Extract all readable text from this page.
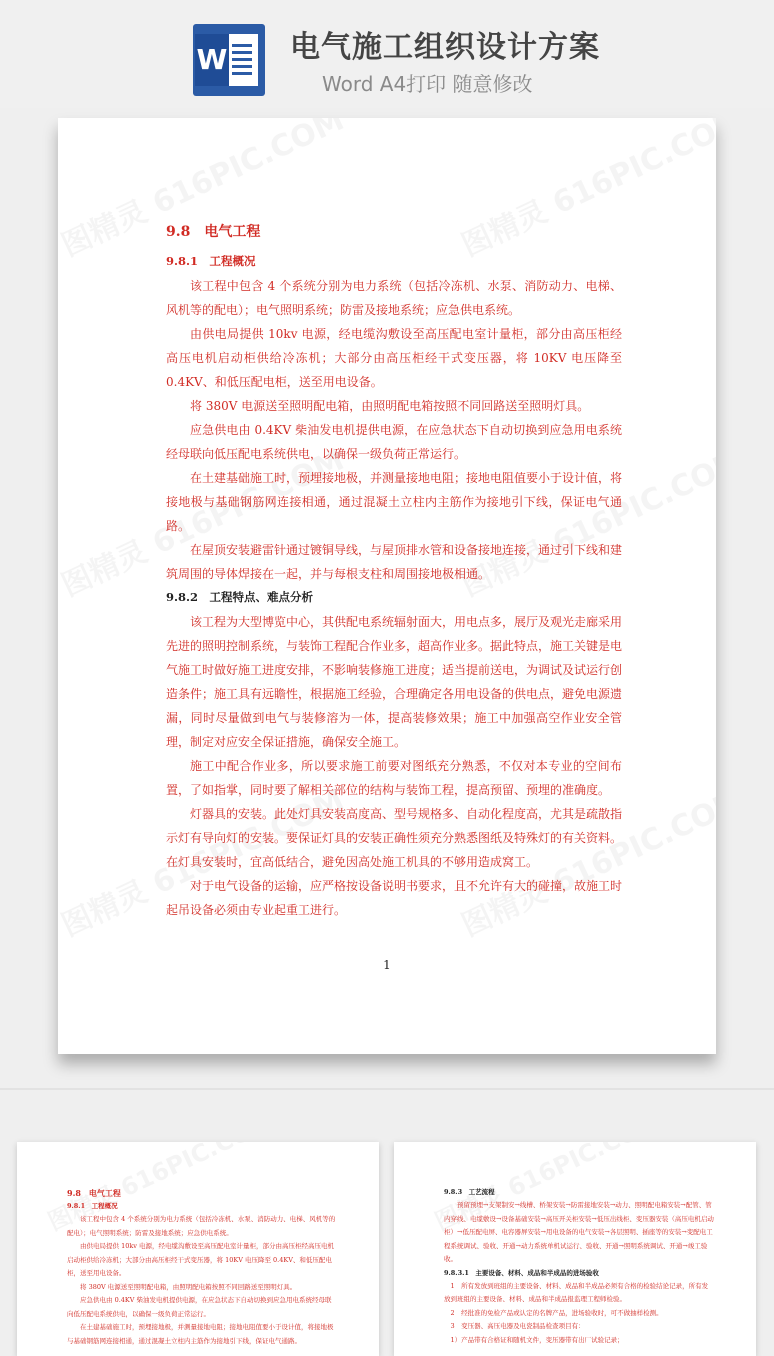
W 电气施工组织设计方案
Word A4打印 随意修改
9.8　电气工程
9.8.1　工程概况
该工程中包含 4 个系统分别为电力系统（包括冷冻机、水泵、消防动力、电梯、风机等的配电）；电气照明系统；防雷及接地系统；应急供电系统。
由供电局提供 10kv 电源，经电缆沟敷设至高压配电室计量柜，部分由高压柜经高压电机启动柜供给冷冻机；大部分由高压柜经干式变压器，将 10KV 电压降至 0.4KV、和低压配电柜，送至用电设备。
将 380V 电源送至照明配电箱，由照明配电箱按照不同回路送至照明灯具。
应急供电由 0.4KV 柴油发电机提供电源，在应急状态下自动切换到应急用电系统经母联向低压配电系统供电，以确保一级负荷正常运行。
在土建基础施工时，预埋接地极，并测量接地电阻；接地电阻值要小于设计值，将接地极与基础钢筋网连接相通，通过混凝土立柱内主筋作为接地引下线，保证电气通路。
在屋顶安装避雷针通过镀铜导线，与屋顶排水管和设备接地连接，通过引下线和建筑周围的导体焊接在一起，并与每根支柱和周围接地极相通。
9.8.2　工程特点、难点分析
该工程为大型博览中心，其供配电系统辐射面大，用电点多，展厅及观光走廊采用先进的照明控制系统，与装饰工程配合作业多，超高作业多。据此特点，施工关键是电气施工时做好施工进度安排，不影响装修施工进度；适当提前送电，为调试及试运行创造条件；施工具有远瞻性，根据施工经验，合理确定各用电设备的供电点，避免电源遗漏，同时尽量做到电气与装修溶为一体，提高装修效果；施工中加强高空作业安全管理，制定对应安全保证措施，确保安全施工。
施工中配合作业多，所以要求施工前要对图纸充分熟悉，不仅对本专业的空间布置，了如指掌，同时要了解相关部位的结构与装饰工程，提高预留、预埋的准确度。
灯器具的安装。此处灯具安装高度高、型号规格多、自动化程度高，尤其是疏散指示灯有导向灯的安装。要保证灯具的安装正确性须充分熟悉图纸及特殊灯的有关资料。在灯具安装时，宜高低结合，避免因高处施工机具的不够用造成窝工。
对于电气设备的运输，应严格按设备说明书要求，且不允许有大的碰撞，故施工时起吊设备必须由专业起重工进行。
1
9.8　电气工程
9.8.1　工程概况
该工程中包含 4 个系统分别为电力系统（包括冷冻机、水泵、消防动力、电梯、风机等的配电）；电气照明系统；防雷及接地系统；应急供电系统。
由供电局提供 10kv 电源，经电缆沟敷设至高压配电室计量柜，部分由高压柜经高压电机启动柜供给冷冻机；大部分由高压柜经干式变压器，将 10KV 电压降至 0.4KV、和低压配电柜，送至用电设备。
将 380V 电源送至照明配电箱，由照明配电箱按照不同回路送至照明灯具。
应急供电由 0.4KV 柴油发电机提供电源，在应急状态下自动切换到应急用电系统经母联向低压配电系统供电，以确保一级负荷正常运行。
在土建基础施工时，预埋接地极，并测量接地电阻；接地电阻值要小于设计值，将接地极与基础钢筋网连接相通，通过混凝土立柱内主筋作为接地引下线，保证电气通路。
9.8.3　工艺流程
预留预埋→支架制安→线槽、桥架安装→防雷接地安装→动力、照明配电箱安装→配管、管内穿线、电缆敷设→设备基础安装→高压开关柜安装→低压出线柜、变压器安装（高压电机启动柜）→低压配电屏、电容器屏安装→用电设备的电气安装→各层照明、插座等的安装→变配电工程系统调试、验收、开通→动力系统单机试运行、验收、开通→照明系统调试、开通→竣工验收。
9.8.3.1　主要设备、材料、成品和半成品的进场验收
1　所有发放到班组的主要设备、材料、成品和半成品必须有合格的检验结论记录，所有发放到班组的主要设备、材料、成品和半成品报监理工程师检验。
2　经批准的免检产品或认定的名牌产品，进场验收时，可不做抽样检测。
3　变压器、高压电器及电瓷制品检查项目有：
1）产品带有合格证和随机文件，变压器带有出厂试验记录；
